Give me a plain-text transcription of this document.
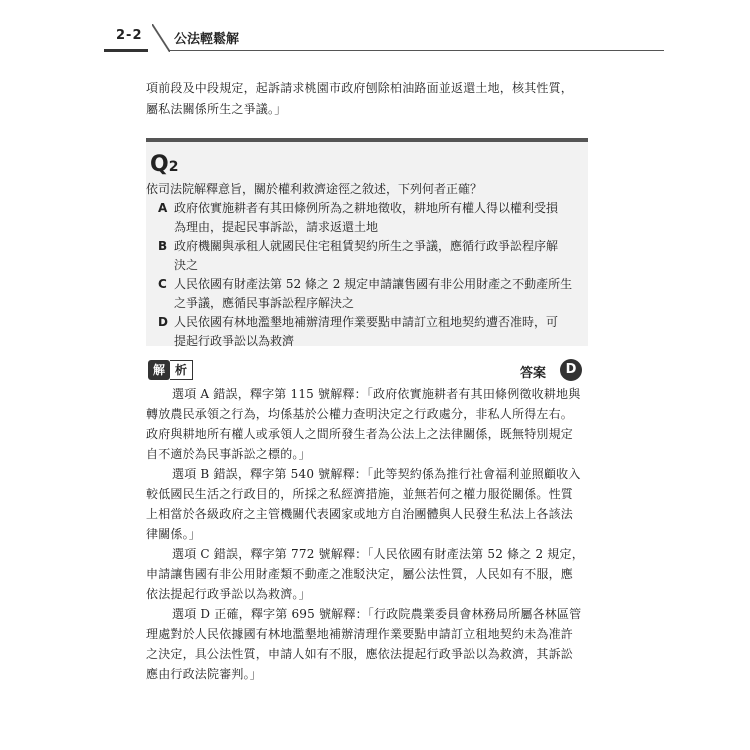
2-2 公法輕鬆解

項前段及中段規定，起訴請求桃園市政府刨除柏油路面並返還土地，核其性質，

屬私法關係所生之爭議。」

Q2
依司法院解釋意旨，關於權利救濟途徑之敘述，下列何者正確？
A 政府依實施耕者有其田條例所為之耕地徵收，耕地所有權人得以權利受損
為理由，提起民事訴訟，請求返還土地
B 政府機關與承租人就國民住宅租賃契約所生之爭議，應循行政爭訟程序解
決之
C 人民依國有財產法第 52 條之 2 規定申請讓售國有非公用財產之不動產所生
之爭議，應循民事訴訟程序解決之
D 人民依國有林地濫墾地補辦清理作業要點申請訂立租地契約遭否准時，可
提起行政爭訟以為救濟
解 析	答案	D

選項 A 錯誤，釋字第 115 號解釋：「政府依實施耕者有其田條例徵收耕地與

轉放農民承領之行為，均係基於公權力查明決定之行政處分，非私人所得左右。

政府與耕地所有權人或承領人之間所發生者為公法上之法律關係，既無特別規定

自不適於為民事訴訟之標的。」

選項 B 錯誤，釋字第 540 號解釋：「此等契約係為推行社會福利並照顧收入

較低國民生活之行政目的，所採之私經濟措施，並無若何之權力服從關係。性質

上相當於各級政府之主管機關代表國家或地方自治團體與人民發生私法上各該法

律關係。」

選項 C 錯誤，釋字第 772 號解釋：「人民依國有財產法第 52 條之 2 規定，

申請讓售國有非公用財產類不動產之准駁決定，屬公法性質，人民如有不服，應

依法提起行政爭訟以為救濟。」

選項 D 正確，釋字第 695 號解釋：「行政院農業委員會林務局所屬各林區管

理處對於人民依據國有林地濫墾地補辦清理作業要點申請訂立租地契約未為准許

之決定，具公法性質，申請人如有不服，應依法提起行政爭訟以為救濟，其訴訟

應由行政法院審判。」
